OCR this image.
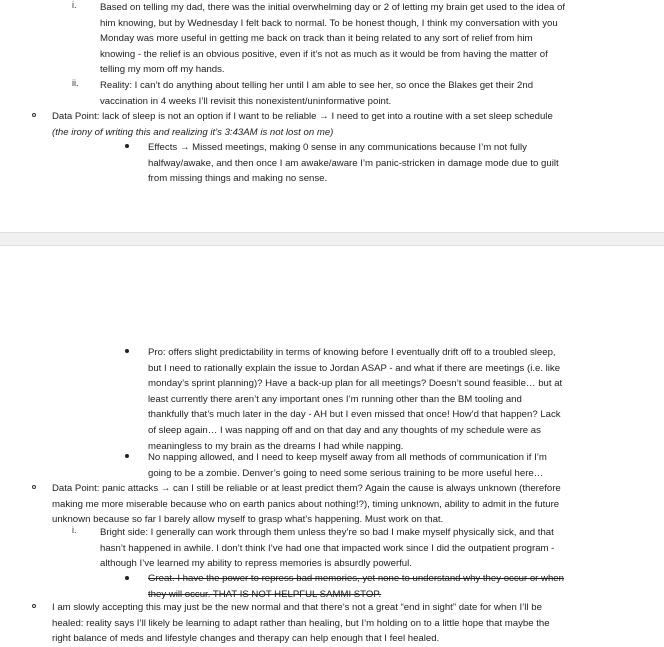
i. Based on telling my dad, there was the initial overwhelming day or 2 of letting my brain get used to the idea of
him knowing, but by Wednesday I felt back to normal. To be honest though, I think my conversation with you
Monday was more useful in getting me back on track than it being related to any sort of relief from him
knowing - the relief is an obvious positive, even if it’s not as much as it would be from having the matter of
telling my mom off my hands.
ii. Reality: I can’t do anything about telling her until I am able to see her, so once the Blakes get their 2nd
vaccination in 4 weeks I’ll revisit this nonexistent/uninformative point.
Data Point: lack of sleep is not an option if I want to be reliable → I need to get into a routine with a set sleep schedule
(the irony of writing this and realizing it’s 3:43AM is not lost on me)
Effects → Missed meetings, making 0 sense in any communications because I’m not fully
halfway/awake, and then once I am awake/aware I’m panic-stricken in damage mode due to guilt
from missing things and making no sense.
Pro: offers slight predictability in terms of knowing before I eventually drift off to a troubled sleep,
but I need to rationally explain the issue to Jordan ASAP - and what if there are meetings (i.e. like
monday’s sprint planning)? Have a back-up plan for all meetings? Doesn’t sound feasible… but at
least currently there aren’t any important ones I’m running other than the BM tooling and
thankfully that’s much later in the day - AH but I even missed that once! How’d that happen? Lack
of sleep again… I was napping off and on that day and any thoughts of my schedule were as
meaningless to my brain as the dreams I had while napping.
No napping allowed, and I need to keep myself away from all methods of communication if I’m
going to be a zombie. Denver’s going to need some serious training to be more useful here…
Data Point: panic attacks → can I still be reliable or at least predict them? Again the cause is always unknown (therefore
making me more miserable because who on earth panics about nothing!?), timing unknown, ability to admit in the future
unknown because so far I barely allow myself to grasp what’s happening. Must work on that.
i. Bright side: I generally can work through them unless they’re so bad I make myself physically sick, and that
hasn’t happened in awhile. I don’t think I’ve had one that impacted work since I did the outpatient program -
although I’ve learned my ability to repress memories is absurdly powerful.
Great. I have the power to repress bad memories, yet none to understand why they occur or when
they will occur. THAT IS NOT HELPFUL SAMMI STOP.
I am slowly accepting this may just be the new normal and that there’s not a great “end in sight” date for when I’ll be
healed: reality says I’ll likely be learning to adapt rather than healing, but I’m holding on to a little hope that maybe the
right balance of meds and lifestyle changes and therapy can help enough that I feel healed.
